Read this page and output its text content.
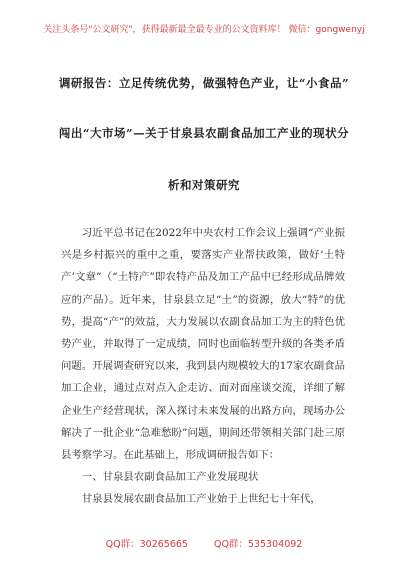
关注头条号"公文研究"，获得最新最全最专业的公文资料库！ 微信：gongwenyj
调研报告：立足传统优势，做强特色产业，让“小食品”
闯出“大市场”—关于甘泉县农副食品加工产业的现状分
析和对策研究

习近平总书记在2022年中央农村工作会议上强调“产业振兴是乡村振兴的重中之重，要落实产业帮扶政策，做好‘土特产’文章”（“土特产”即农特产品及加工产品中已经形成品牌效应的产品）。近年来，甘泉县立足“土”的资源，放大“特”的优势，提高“产”的效益，大力发展以农副食品加工为主的特色优势产业，并取得了一定成绩，同时也面临转型升级的各类矛盾问题。开展调查研究以来，我到县内规模较大的17家农副食品加工企业，通过点对点入企走访、面对面座谈交流，详细了解企业生产经营现状，深入探讨未来发展的出路方向，现场办公解决了一批企业“急难愁盼”问题，期间还带领相关部门赴三原县考察学习。在此基础上，形成调研报告如下：

一、甘泉县农副食品加工产业发展现状

甘泉县发展农副食品加工产业始于上世纪七十年代，

QQ群：30265665	QQ群：535304092
